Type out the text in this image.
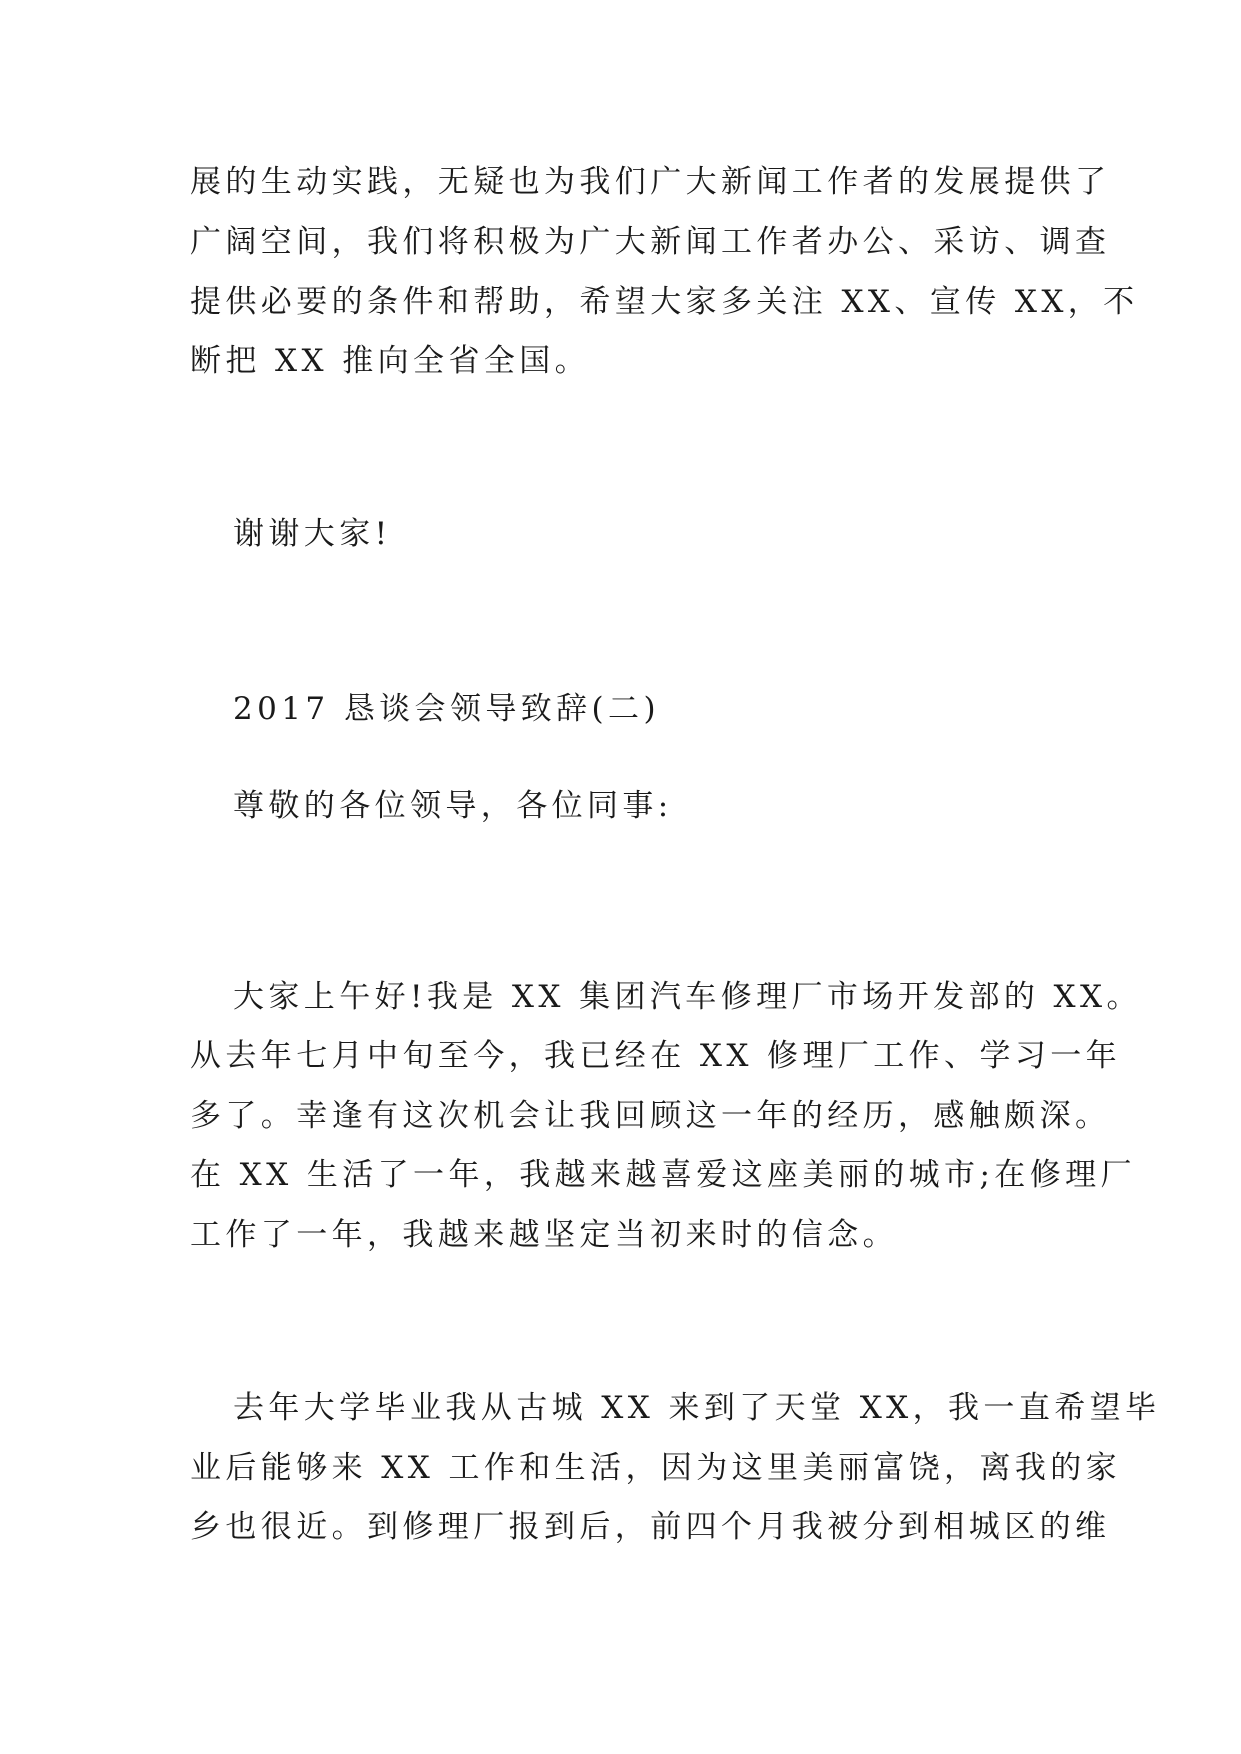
展的生动实践，无疑也为我们广大新闻工作者的发展提供了
广阔空间，我们将积极为广大新闻工作者办公、采访、调查
提供必要的条件和帮助，希望大家多关注 XX、宣传 XX，不
断把 XX 推向全省全国。
谢谢大家!
2017 恳谈会领导致辞(二)
尊敬的各位领导，各位同事:
大家上午好!我是 XX 集团汽车修理厂市场开发部的 XX。
从去年七月中旬至今，我已经在 XX 修理厂工作、学习一年
多了。幸逢有这次机会让我回顾这一年的经历，感触颇深。
在 XX 生活了一年，我越来越喜爱这座美丽的城市;在修理厂
工作了一年，我越来越坚定当初来时的信念。
去年大学毕业我从古城 XX 来到了天堂 XX，我一直希望毕
业后能够来 XX 工作和生活，因为这里美丽富饶，离我的家
乡也很近。到修理厂报到后，前四个月我被分到相城区的维
